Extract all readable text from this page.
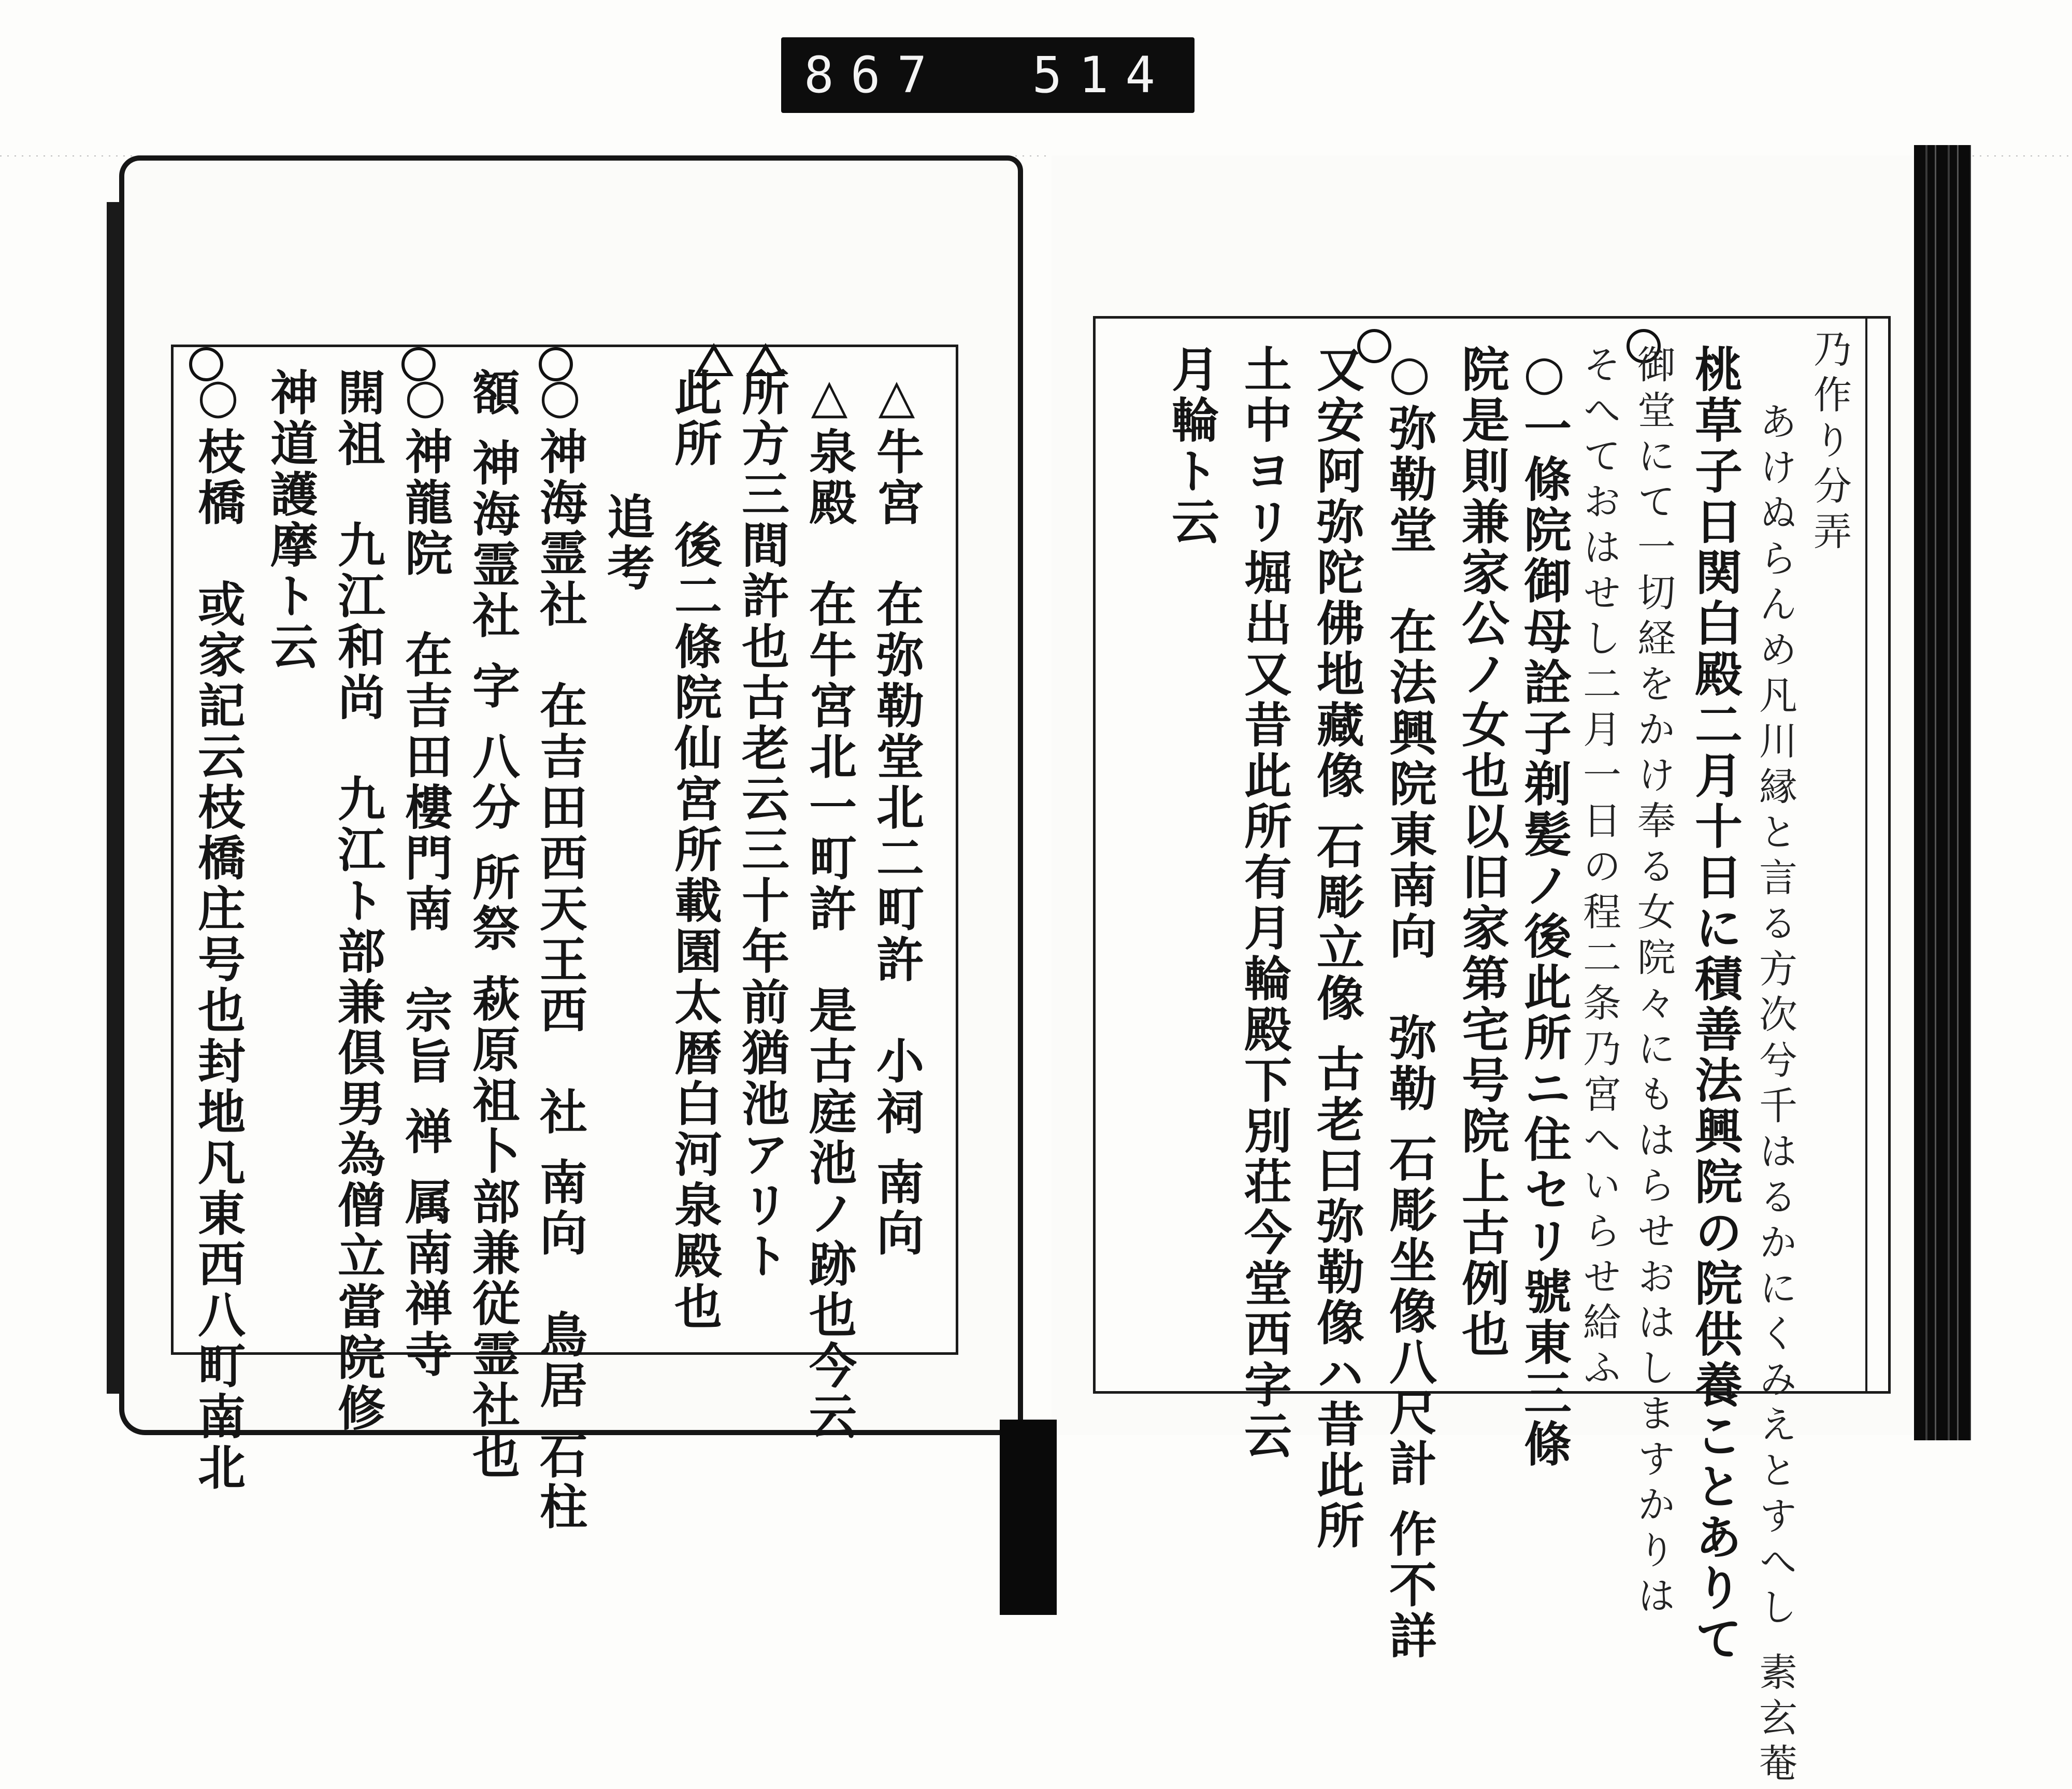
867 514
△牛宮　在弥勒堂北二町許　小祠 南向
△泉殿　在牛宮北一町許　是古庭池ノ跡也今云
所方三間許也古老云三十年前猶池アリト
此所　後二條院仙宮所載園太暦白河泉殿也
追考
○神海霊社　在吉田西天王西　社 南向　鳥居 石柱
額 神海霊社 字 八分 所祭 萩原祖卜部兼従霊社也
○神龍院　在吉田樓門南　宗旨 禅 属南禅寺
開祖　九江和尚　九江ト部兼倶男為僧立當院修
神道護摩ト云
○枝橋　或家記云枝橋庄号也封地凡東西八町南北	乃作り分弄
あけぬらんめ凡川縁と言る方次兮千はるかにくみえとすへし 素玄菴
桃草子日関白殿二月十日に積善法興院の院供養ことありて
御堂にて一切経をかけ奉る女院々にもはらせおはしますかりは
そへておはせし二月一日の程二条乃宮へいらせ給ふ
○一條院御母詮子剃髪ノ後此所ニ住セリ號東三條
院是則兼家公ノ女也以旧家第宅号院上古例也
○弥勒堂　在法興院東南向　弥勒 石彫坐像八尺計 作不詳
又安阿弥陀佛地藏像 石彫立像 古老曰弥勒像ハ昔此所
土中ヨリ堀出又昔此所有月輪殿下別荘今堂西字云
月輪ト云
